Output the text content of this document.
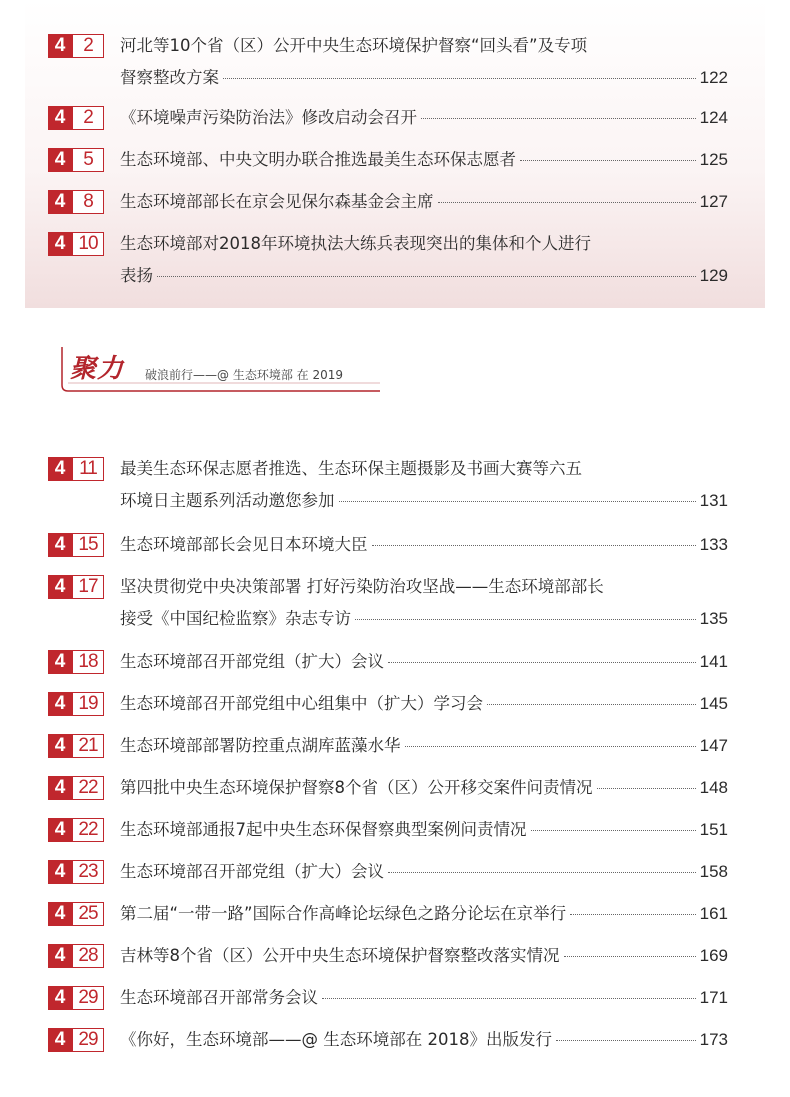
4 2	河北等10个省（区）公开中央生态环境保护督察“回头看”及专项
督察整改方案	122
4 2	《环境噪声污染防治法》修改启动会召开	124
4 5	生态环境部、中央文明办联合推选最美生态环保志愿者	125
4 8	生态环境部部长在京会见保尔森基金会主席	127
4 10	生态环境部对2018年环境执法大练兵表现突出的集体和个人进行
表扬	129
聚力 破浪前行——@ 生态环境部 在 2019
4 11	最美生态环保志愿者推选、生态环保主题摄影及书画大赛等六五
环境日主题系列活动邀您参加	131
4 15	生态环境部部长会见日本环境大臣	133
4 17	坚决贯彻党中央决策部署 打好污染防治攻坚战——生态环境部部长
接受《中国纪检监察》杂志专访	135
4 18	生态环境部召开部党组（扩大）会议	141
4 19	生态环境部召开部党组中心组集中（扩大）学习会	145
4 21	生态环境部部署防控重点湖库蓝藻水华	147
4 22	第四批中央生态环境保护督察8个省（区）公开移交案件问责情况	148
4 22	生态环境部通报7起中央生态环保督察典型案例问责情况	151
4 23	生态环境部召开部党组（扩大）会议	158
4 25	第二届“一带一路”国际合作高峰论坛绿色之路分论坛在京举行	161
4 28	吉林等8个省（区）公开中央生态环境保护督察整改落实情况	169
4 29	生态环境部召开部常务会议	171
4 29	《你好，生态环境部——@ 生态环境部在 2018》出版发行	173
